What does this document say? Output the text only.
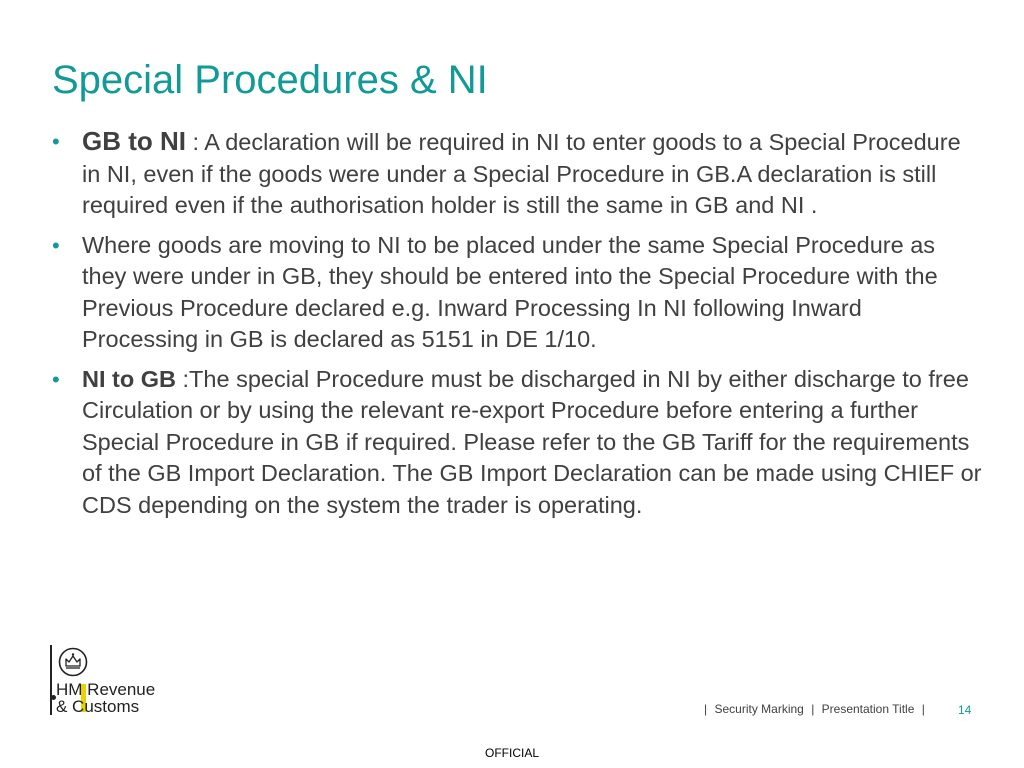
Special Procedures & NI
• GB to NI : A declaration will be required in NI to enter goods to a Special Procedure in NI, even if the goods were under a Special Procedure in GB.A declaration is still required even if the authorisation holder is still the same in GB and NI .
• Where goods are moving to NI to be placed under the same Special Procedure as they were under in GB, they should be entered into the Special Procedure with the Previous Procedure declared e.g. Inward Processing In NI following Inward Processing in GB is declared as 5151 in DE 1/10.
• NI to GB :The special Procedure must be discharged in NI by either discharge to free Circulation or by using the relevant re-export Procedure before entering a further Special Procedure in GB if required. Please refer to the GB Tariff for the requirements of the GB Import Declaration. The GB Import Declaration can be made using CHIEF or CDS depending on the system the trader is operating.
HM Revenue
& Customs	| Security Marking | Presentation Title |	14
OFFICIAL
